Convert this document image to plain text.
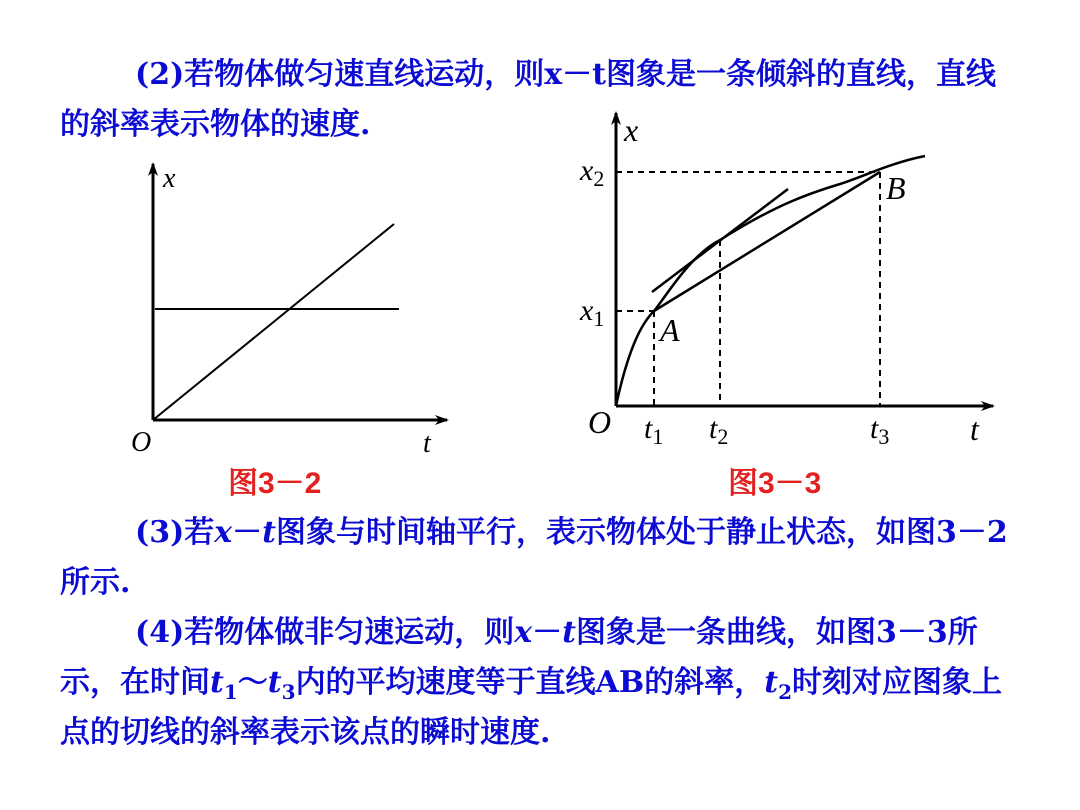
(2)若物体做匀速直线运动，则x－t图象是一条倾斜的直线，直线的斜率表示物体的速度.

x
t
O
x
t
O
$x_2$
$x_1$
$t_1$ $t_2$	$t_3$
A
B
图3－2	图3－3

(3)若x－t图象与时间轴平行，表示物体处于静止状态，如图3－2所示.

(4)若物体做非匀速运动，则x－t图象是一条曲线，如图3－3所示，在时间$t_1\sim t_3$内的平均速度等于直线AB的斜率，$t_2$时刻对应图象上点的切线的斜率表示该点的瞬时速度.
